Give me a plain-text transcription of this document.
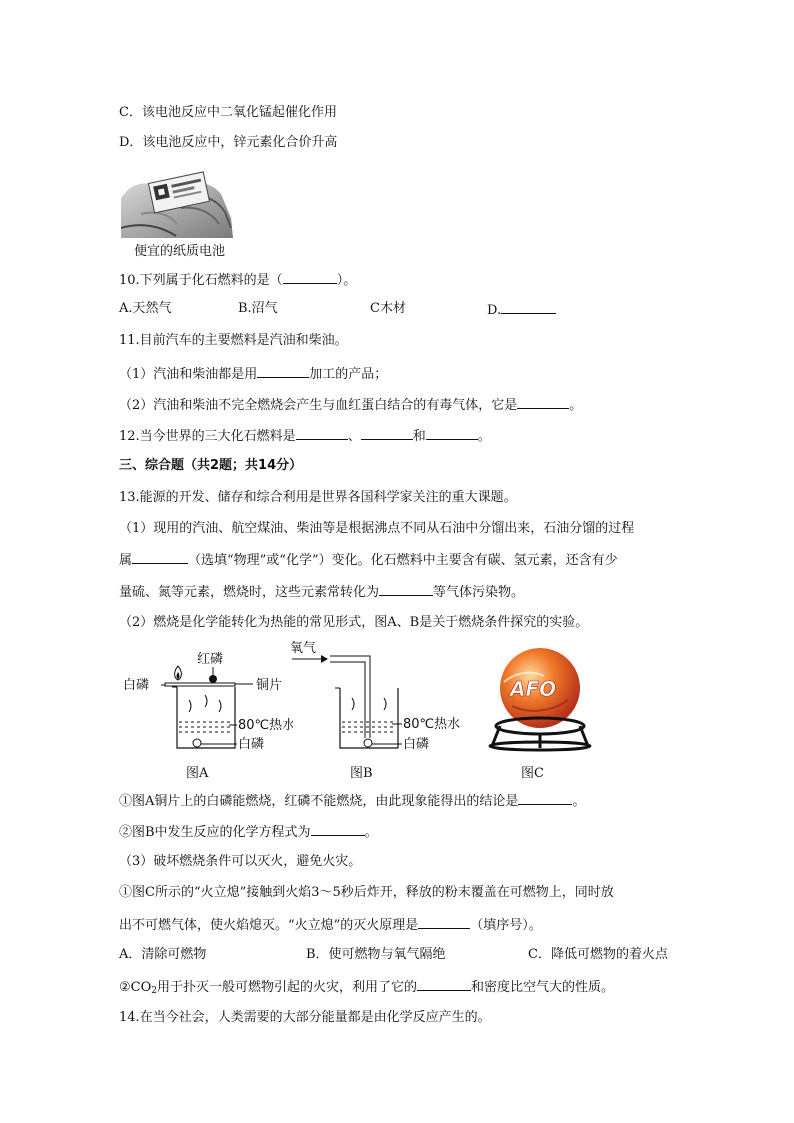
C．该电池反应中二氧化锰起催化作用
D．该电池反应中，锌元素化合价升高
便宜的纸质电池
10.下列属于化石燃料的是（	）。
A.天然气	B.沼气	C木材	D.
11.目前汽车的主要燃料是汽油和柴油。
（1）汽油和柴油都是用	加工的产品；
（2）汽油和柴油不完全燃烧会产生与血红蛋白结合的有毒气体，它是	。
12.当今世界的三大化石燃料是	、	和	。
三、综合题（共2题；共14分）
13.能源的开发、储存和综合利用是世界各国科学家关注的重大课题。
（1）现用的汽油、航空煤油、柴油等是根据沸点不同从石油中分馏出来，石油分馏的过程
属	（选填“物理”或“化学”）变化。化石燃料中主要含有碳、氢元素，还含有少
量硫、氮等元素，燃烧时，这些元素常转化为	等气体污染物。
（2）燃烧是化学能转化为热能的常见形式，图A、B是关于燃烧条件探究的实验。
红磷
白磷	铜片
80℃热水
白磷
图A
氧气
80℃热水
白磷
图B
AFO
图C
①图A铜片上的白磷能燃烧，红磷不能燃烧，由此现象能得出的结论是	。
②图B中发生反应的化学方程式为	。
（3）破坏燃烧条件可以灭火，避免火灾。
①图C所示的“火立熄”接触到火焰3～5秒后炸开，释放的粉末覆盖在可燃物上，同时放
出不可燃气体，使火焰熄灭。“火立熄”的灭火原理是	（填序号）。
A．清除可燃物	B．使可燃物与氧气隔绝	C．降低可燃物的着火点
$②CO_2$用于扑灭一般可燃物引起的火灾，利用了它的	和密度比空气大的性质。
14.在当今社会，人类需要的大部分能量都是由化学反应产生的。
